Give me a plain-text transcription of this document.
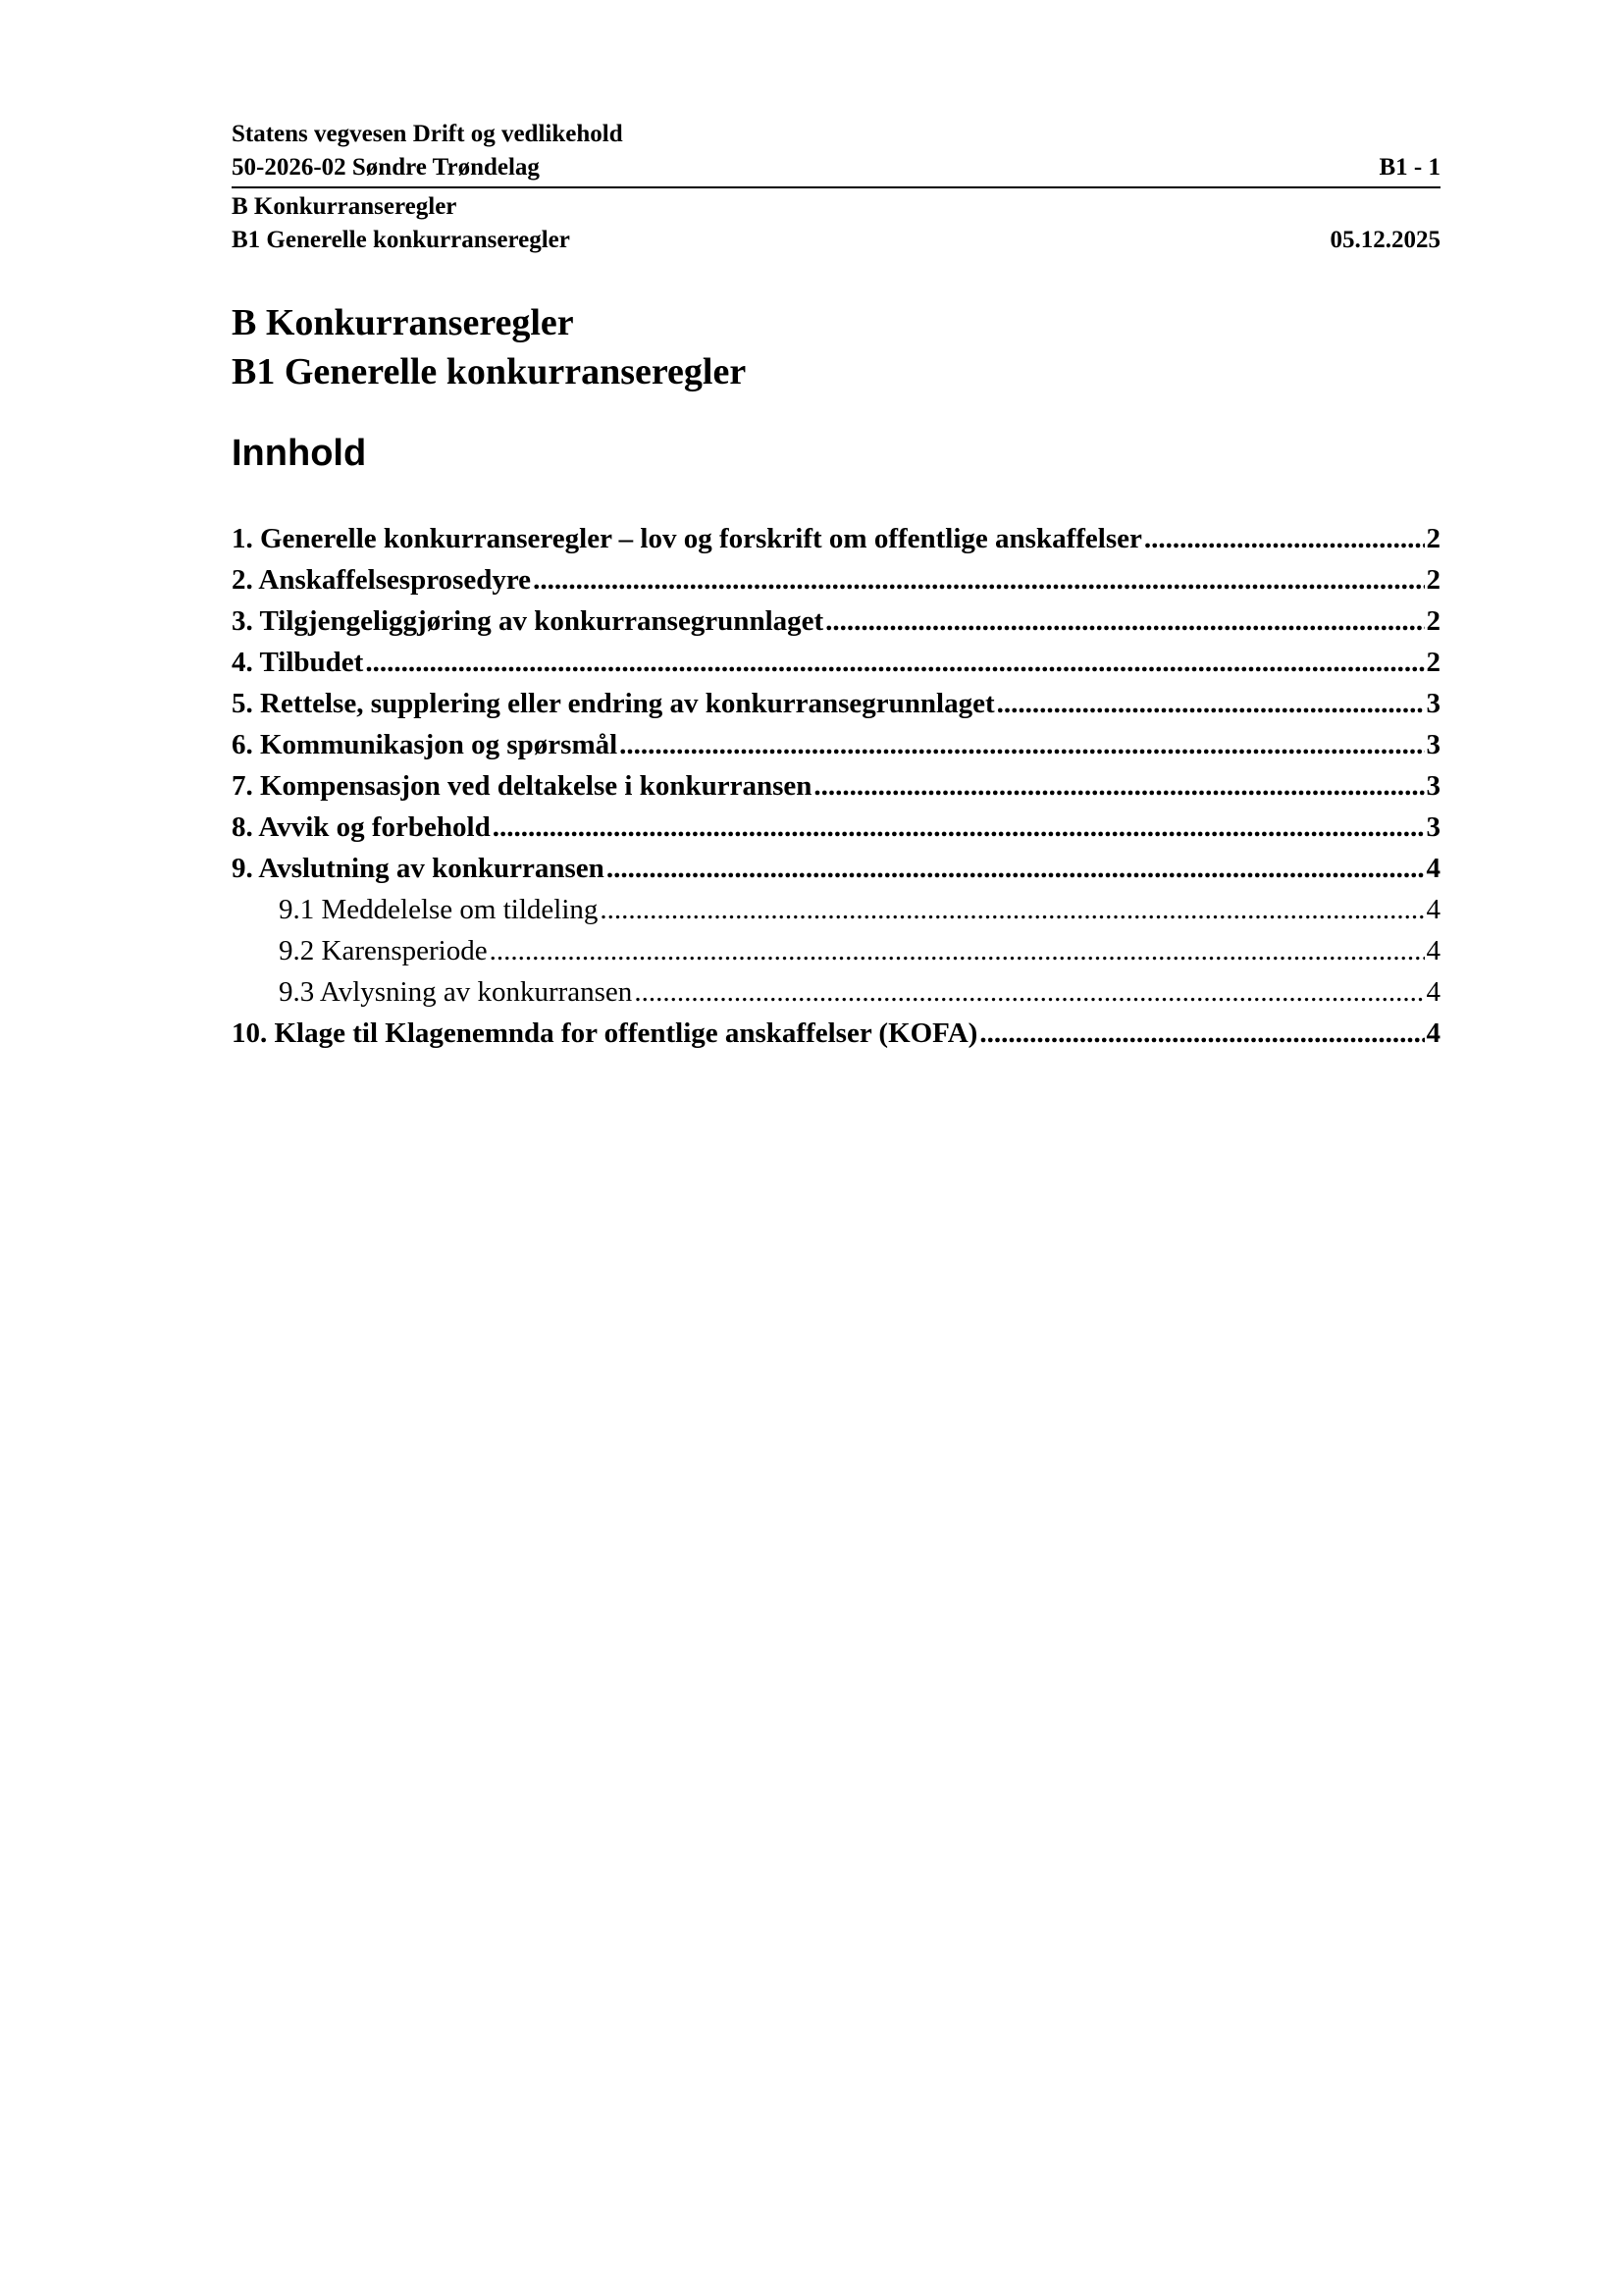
Statens vegvesen Drift og vedlikehold
50-2026-02 Søndre Trøndelag	B1 - 1
B Konkurranseregler
B1 Generelle konkurranseregler	05.12.2025
B Konkurranseregler
B1 Generelle konkurranseregler
Innhold
1. Generelle konkurranseregler – lov og forskrift om offentlige anskaffelser .....	2
2. Anskaffelsesprosedyre .....	2
3. Tilgjengeliggjøring av konkurransegrunnlaget .....	2
4. Tilbudet .....	2
5. Rettelse, supplering eller endring av konkurransegrunnlaget .....	3
6. Kommunikasjon og spørsmål .....	3
7. Kompensasjon ved deltakelse i konkurransen .....	3
8. Avvik og forbehold .....	3
9. Avslutning av konkurransen .....	4
9.1 Meddelelse om tildeling .....	4
9.2 Karensperiode .....	4
9.3 Avlysning av konkurransen .....	4
10. Klage til Klagenemnda for offentlige anskaffelser (KOFA) .....	4
